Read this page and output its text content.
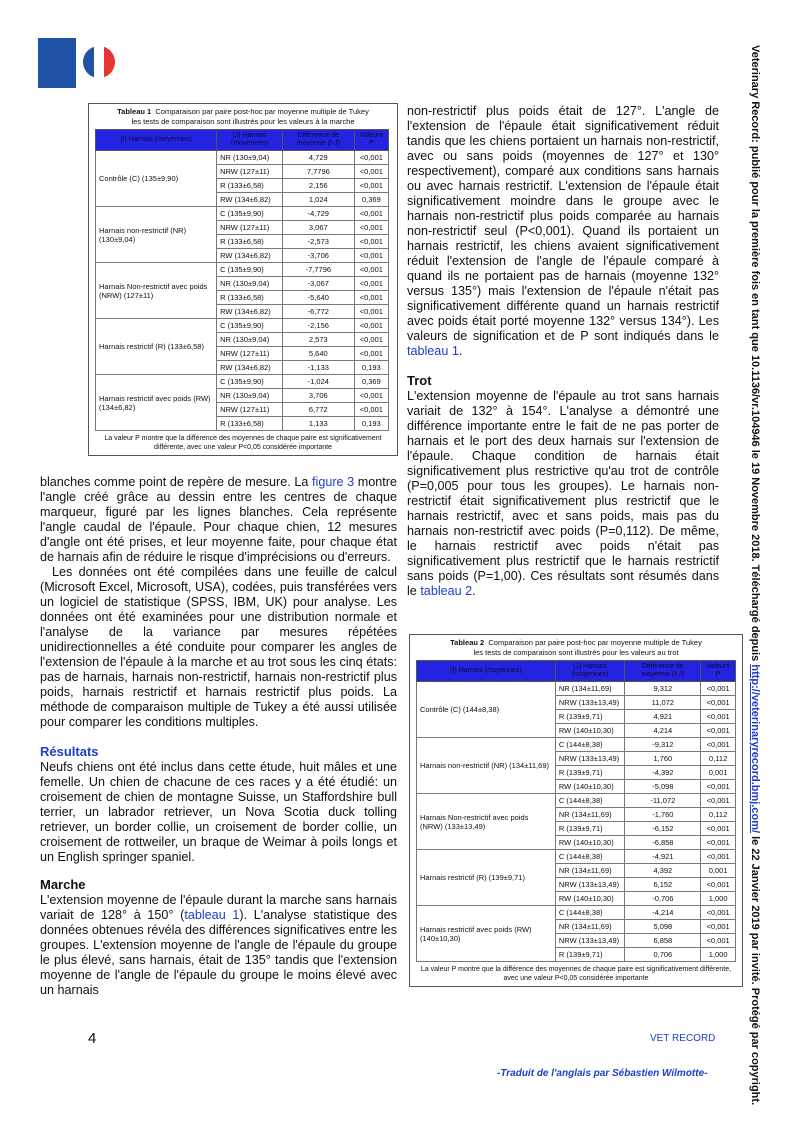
Veterinary Record: publié pour la première fois en tant que 10.1136/vr.104946 le 19 Novembre 2018. Téléchargé depuis http://veterinaryrecord.bmj.com/ le 22 Janvier 2019 par invité. Protégé par copyright.
Tableau 1 Comparaison par paire post-hoc par moyenne multiple de Tukey
les tests de comparaison sont illustrés pour les valeurs à la marche
(I) Harnais (moyennes)	(J) Harnais (moyennes)	Différence de moyenne (I-J)	Valeurs P
Contrôle (C) (135±9,90)	NR (130±9,04)	4,729	<0,001
	NRW (127±11)	7,7796	<0,001
	R (133±6,58)	2,156	<0,001
	RW (134±6,82)	1,024	0,369
Harnais non-restrictif (NR) (130±9,04)	C (135±9,90)	-4,729	<0,001
	NRW (127±11)	3,067	<0,001
	R (133±6,58)	-2,573	<0,001
	RW (134±6,82)	-3,706	<0,001
Harnais Non-restrictif avec poids (NRW) (127±11)	C (135±9,90)	-7,7796	<0,001
	NR (130±9,04)	-3,067	<0,001
	R (133±6,58)	-5,640	<0,001
	RW (134±6,82)	-6,772	<0,001
Harnais restrictif (R) (133±6,58)	C (135±9,90)	-2,156	<0,001
	NR (130±9,04)	2,573	<0,001
	NRW (127±11)	5,640	<0,001
	RW (134±6,82)	-1,133	0,193
Harnais restrictif avec poids (RW) (134±6,82)	C (135±9,90)	-1,024	0,369
	NR (130±9,04)	3,706	<0,001
	NRW (127±11)	6,772	<0,001
	R (133±6,58)	1,133	0,193
La valeur P montre que la différence des moyennes de chaque paire est significativement différente, avec une valeur P<0,05 considérée importante
Tableau 2 Comparaison par paire post-hoc par moyenne multiple de Tukey
les tests de comparaison sont illustrés pour les valeurs au trot
(I) Harnais (moyennes)	(J) Harnais (moyennes)	Différence de moyenne (I-J)	Valeurs P
Contrôle (C) (144±8,38)	NR (134±11,69)	9,312	<0,001
	NRW (133±13,49)	11,072	<0,001
	R (139±9,71)	4,921	<0,001
	RW (140±10,30)	4,214	<0,001
Harnais non-restrictif (NR) (134±11,69)	C (144±8,38)	-9,312	<0,001
	NRW (133±13,49)	1,760	0,112
	R (139±9,71)	-4,392	0,001
	RW (140±10,30)	-5,098	<0,001
Harnais Non-restrictif avec poids (NRW) (133±13,49)	C (144±8,38)	-11,072	<0,001
	NR (134±11,69)	-1,760	0,112
	R (139±9,71)	-6,152	<0,001
	RW (140±10,30)	-6,858	<0,001
Harnais restrictif (R) (139±9,71)	C (144±8,38)	-4,921	<0,001
	NR (134±11,69)	4,392	0,001
	NRW (133±13,49)	6,152	<0,001
	RW (140±10,30)	-0,706	1,000
Harnais restrictif avec poids (RW) (140±10,30)	C (144±8,38)	-4,214	<0,001
	NR (134±11,69)	5,098	<0,001
	NRW (133±13,49)	6,858	<0,001
	R (139±9,71)	0,706	1,000
La valeur P montre que la différence des moyennes de chaque paire est significativement différente, avec une valeur P<0,05 considérée importante

blanches comme point de repère de mesure. La figure 3 montre l'angle créé grâce au dessin entre les centres de chaque marqueur, figuré par les lignes blanches. Cela représente l'angle caudal de l'épaule. Pour chaque chien, 12 mesures d'angle ont été prises, et leur moyenne faite, pour chaque état de harnais afin de réduire le risque d'imprécisions ou d'erreurs.

Les données ont été compilées dans une feuille de calcul (Microsoft Excel, Microsoft, USA), codées, puis transférées vers un logiciel de statistique (SPSS, IBM, UK) pour analyse. Les données ont été examinées pour une distribution normale et l'analyse de la variance par mesures répétées unidirectionnelles a été conduite pour comparer les angles de l'extension de l'épaule à la marche et au trot sous les cinq états: pas de harnais, harnais non-restrictif, harnais non-restrictif plus poids, harnais restrictif et harnais restrictif plus poids. La méthode de comparaison multiple de Tukey a été aussi utilisée pour comparer les conditions multiples.

Résultats

Neufs chiens ont été inclus dans cette étude, huit mâles et une femelle. Un chien de chacune de ces races y a été étudié: un croisement de chien de montagne Suisse, un Staffordshire bull terrier, un labrador retriever, un Nova Scotia duck tolling retriever, un border collie, un croisement de border collie, un croisement de rottweiler, un braque de Weimar à poils longs et un English springer spaniel.

Marche

L'extension moyenne de l'épaule durant la marche sans harnais variait de 128° à 150° (tableau 1). L'analyse statistique des données obtenues révéla des différences significatives entre les groupes. L'extension moyenne de l'angle de l'épaule du groupe le plus élevé, sans harnais, était de 135° tandis que l'extension moyenne de l'angle de l'épaule du groupe le moins élevé avec un harnais

non-restrictif plus poids était de 127°. L'angle de l'extension de l'épaule était significativement réduit tandis que les chiens portaient un harnais non-restrictif, avec ou sans poids (moyennes de 127° et 130° respectivement), comparé aux conditions sans harnais ou avec harnais restrictif. L'extension de l'épaule était significativement moindre dans le groupe avec le harnais non-restrictif plus poids comparée au harnais non-restrictif seul (P<0,001). Quand ils portaient un harnais restrictif, les chiens avaient significativement réduit l'extension de l'angle de l'épaule comparé à quand ils ne portaient pas de harnais (moyenne 132° versus 135°) mais l'extension de l'épaule n'était pas significativement différente quand un harnais restrictif avec poids était porté moyenne 132° versus 134°). Les valeurs de signification et de P sont indiqués dans le tableau 1.

Trot

L'extension moyenne de l'épaule au trot sans harnais variait de 132° à 154°. L'analyse a démontré une différence importante entre le fait de ne pas porter de harnais et le port des deux harnais sur l'extension de l'épaule. Chaque condition de harnais était significativement plus restrictive qu'au trot de contrôle (P=0,005 pour tous les groupes). Le harnais non-restrictif était significativement plus restrictif que le harnais restrictif, avec et sans poids, mais pas du harnais non-restrictif avec poids (P=0,112). De même, le harnais restrictif avec poids n'était pas significativement plus restrictif que le harnais restrictif sans poids (P=1,00). Ces résultats sont résumés dans le tableau 2.

4	VET RECORD
-Traduit de l'anglais par Sébastien Wilmotte-
